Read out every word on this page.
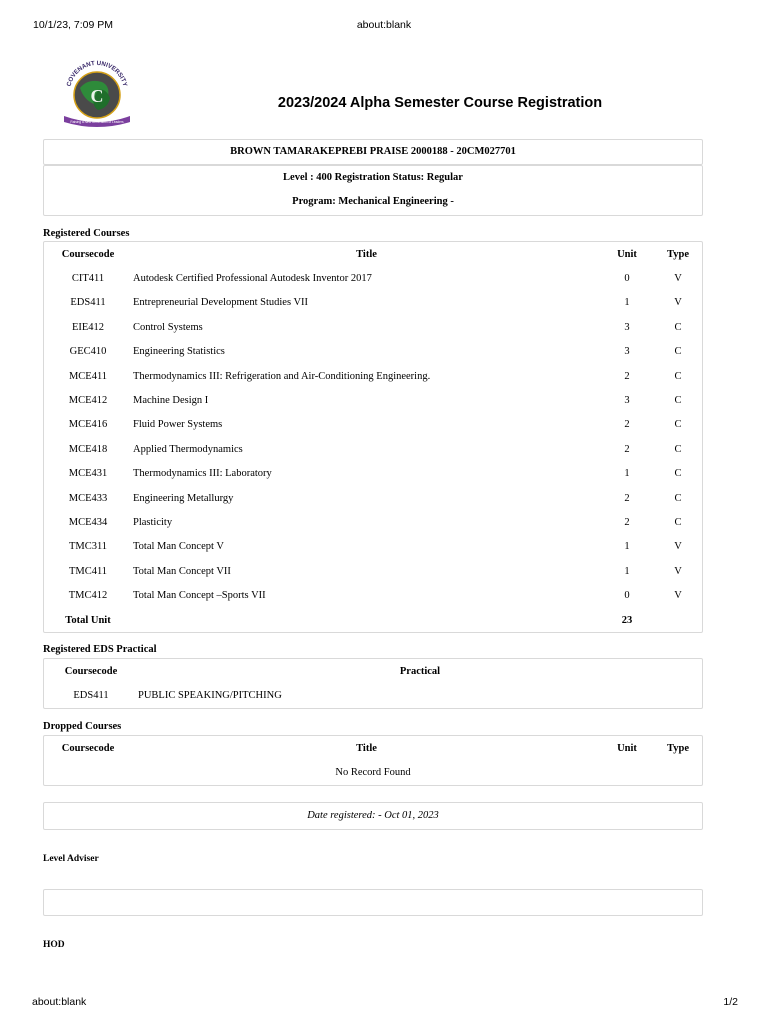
10/1/23, 7:09 PM	about:blank
COVENANT UNIVERSITY
C
Raising a New Generation of Leaders
2023/2024 Alpha Semester Course Registration
BROWN TAMARAKEPREBI PRAISE 2000188 - 20CM027701
Level : 400 Registration Status: Regular
Program: Mechanical Engineering -
Registered Courses
Coursecode	Title	Unit	Type
CIT411	Autodesk Certified Professional Autodesk Inventor 2017	0	V
EDS411	Entrepreneurial Development Studies VII	1	V
EIE412	Control Systems	3	C
GEC410	Engineering Statistics	3	C
MCE411	Thermodynamics III: Refrigeration and Air-Conditioning Engineering.	2	C
MCE412	Machine Design I	3	C
MCE416	Fluid Power Systems	2	C
MCE418	Applied Thermodynamics	2	C
MCE431	Thermodynamics III: Laboratory	1	C
MCE433	Engineering Metallurgy	2	C
MCE434	Plasticity	2	C
TMC311	Total Man Concept V	1	V
TMC411	Total Man Concept VII	1	V
TMC412	Total Man Concept –Sports VII	0	V
Total Unit		23	
Registered EDS Practical
Coursecode	Practical
EDS411	PUBLIC SPEAKING/PITCHING
Dropped Courses
Coursecode	Title	Unit	Type
No Record Found
Date registered: - Oct 01, 2023
Level Adviser
HOD
about:blank	1/2
